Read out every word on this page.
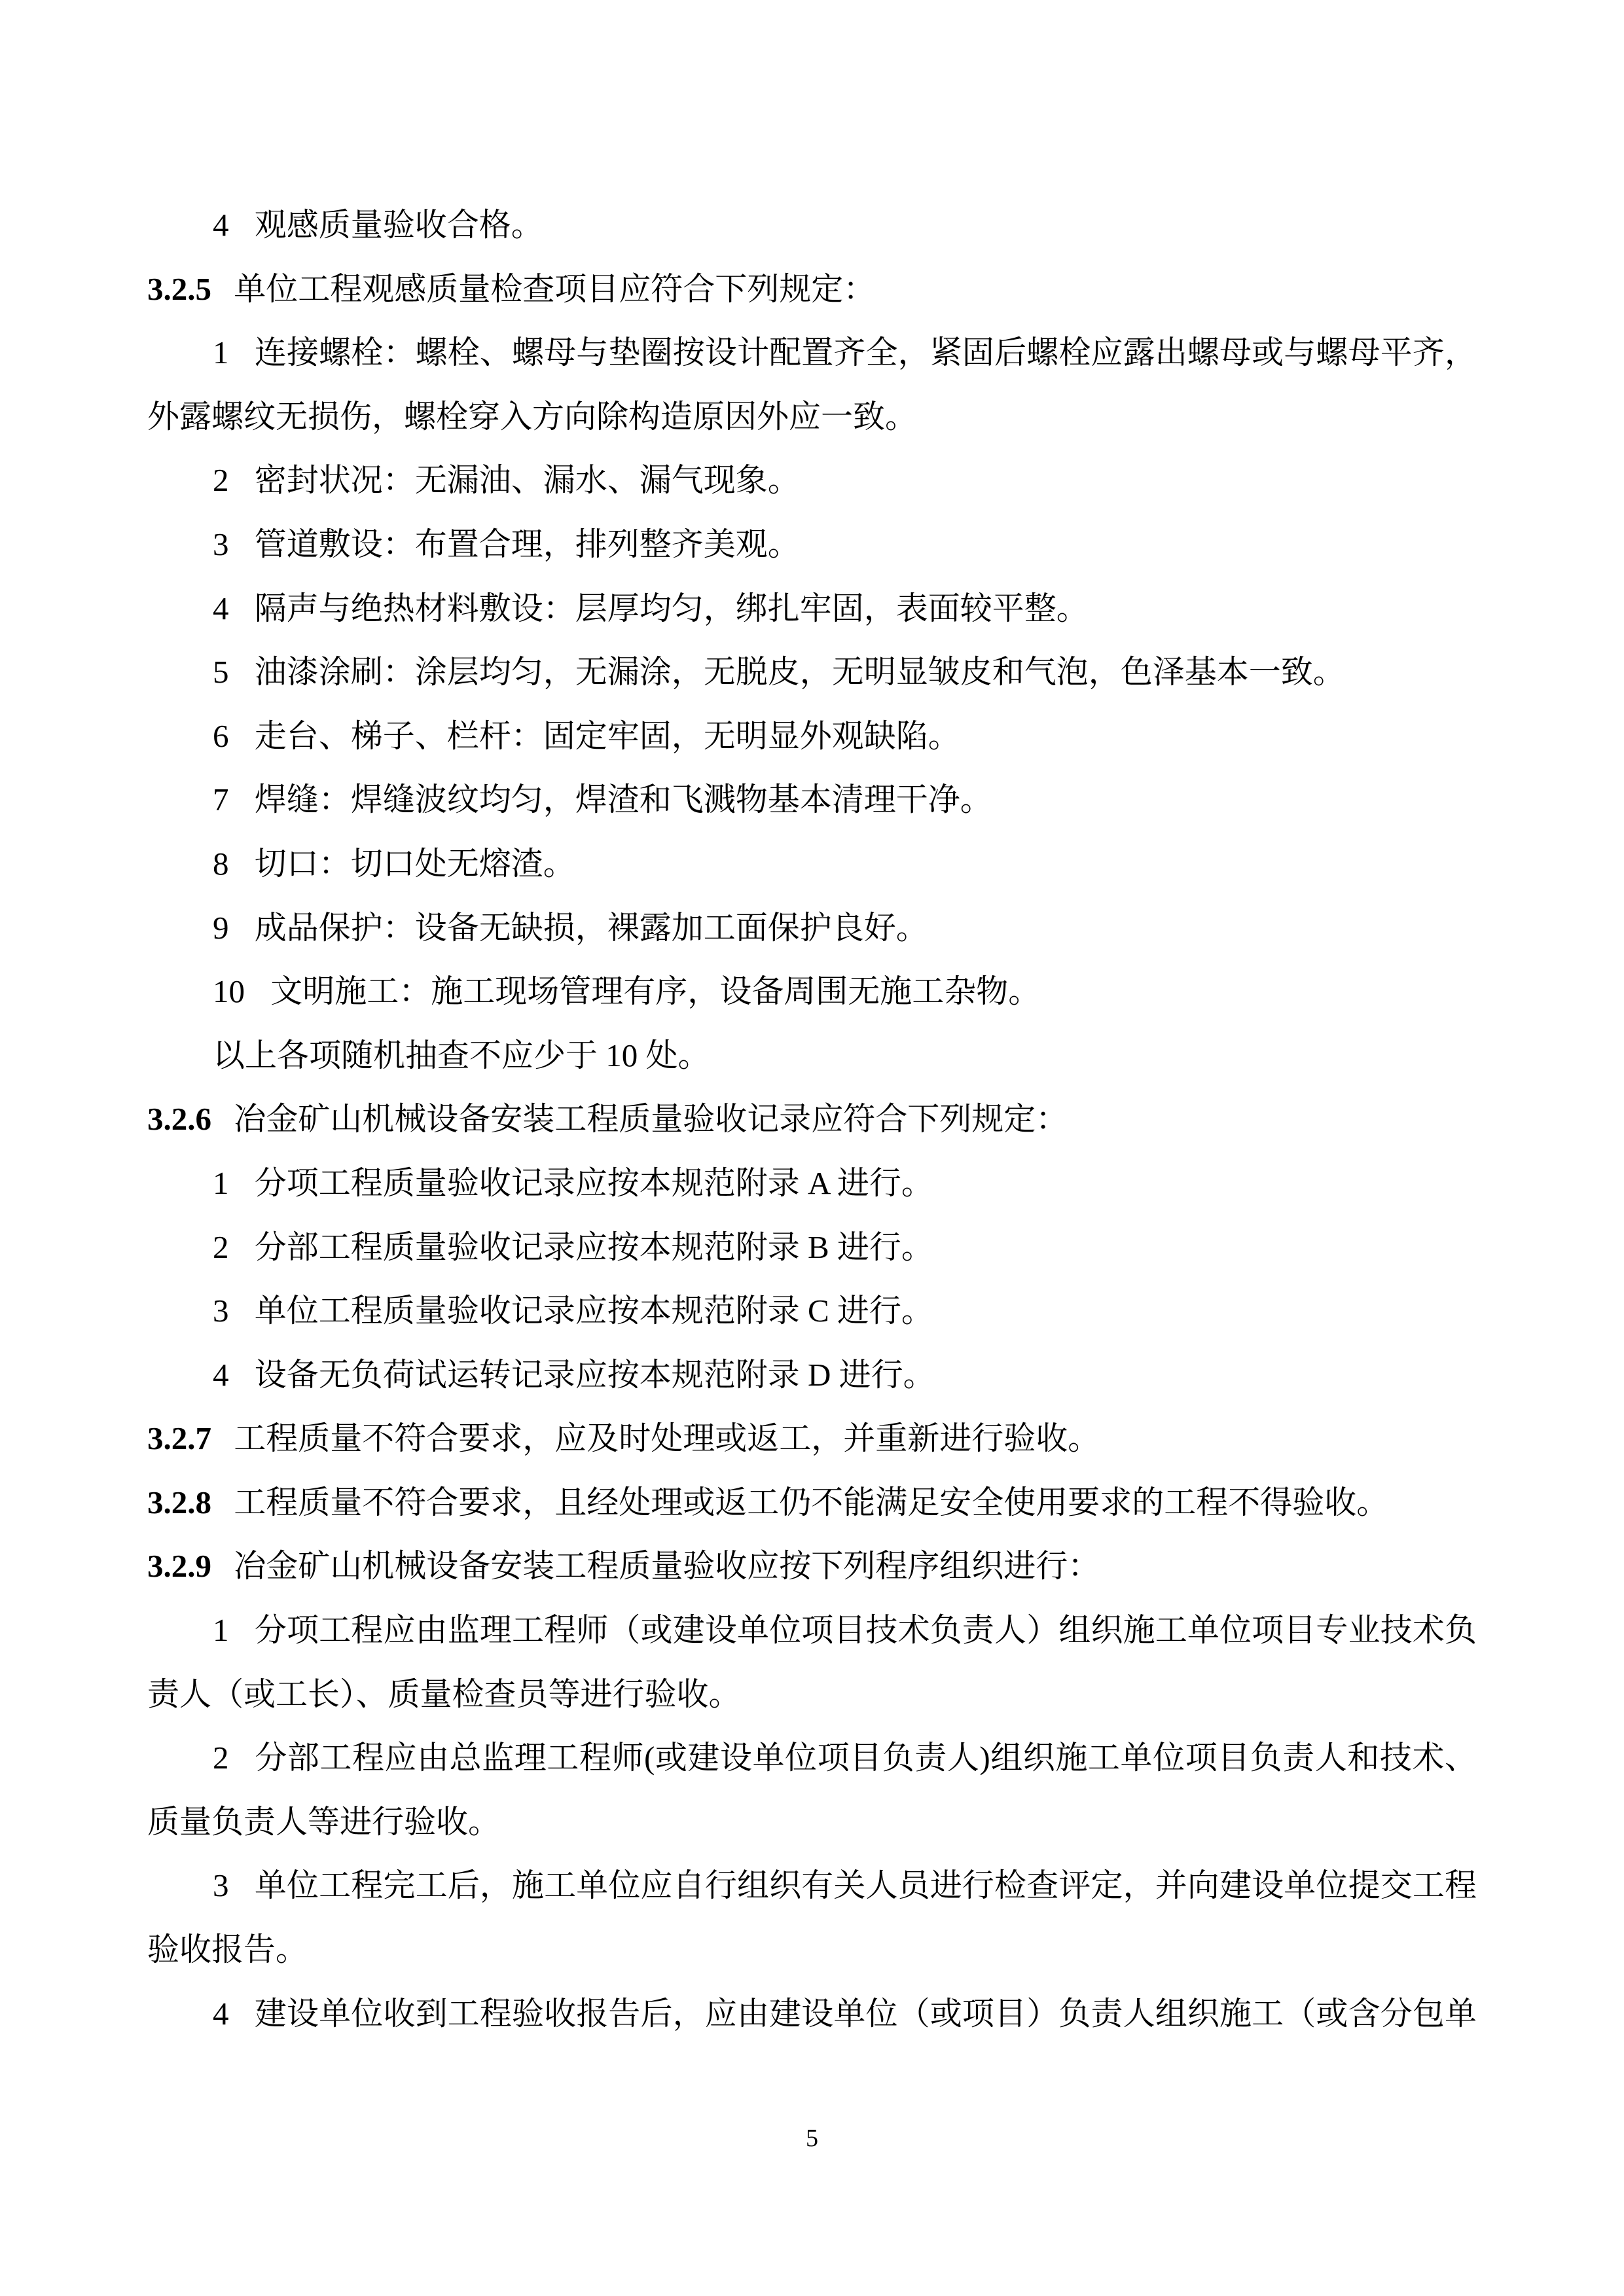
4 观感质量验收合格。
3.2.5 单位工程观感质量检查项目应符合下列规定：
1 连接螺栓：螺栓、螺母与垫圈按设计配置齐全，紧固后螺栓应露出螺母或与螺母平齐，
外露螺纹无损伤，螺栓穿入方向除构造原因外应一致。
2 密封状况：无漏油、漏水、漏气现象。
3 管道敷设：布置合理，排列整齐美观。
4 隔声与绝热材料敷设：层厚均匀，绑扎牢固，表面较平整。
5 油漆涂刷：涂层均匀，无漏涂，无脱皮，无明显皱皮和气泡，色泽基本一致。
6 走台、梯子、栏杆：固定牢固，无明显外观缺陷。
7 焊缝：焊缝波纹均匀，焊渣和飞溅物基本清理干净。
8 切口：切口处无熔渣。
9 成品保护：设备无缺损，裸露加工面保护良好。
10 文明施工：施工现场管理有序，设备周围无施工杂物。
以上各项随机抽查不应少于 10 处。
3.2.6 冶金矿山机械设备安装工程质量验收记录应符合下列规定：
1 分项工程质量验收记录应按本规范附录 A 进行。
2 分部工程质量验收记录应按本规范附录 B 进行。
3 单位工程质量验收记录应按本规范附录 C 进行。
4 设备无负荷试运转记录应按本规范附录 D 进行。
3.2.7 工程质量不符合要求，应及时处理或返工，并重新进行验收。
3.2.8 工程质量不符合要求，且经处理或返工仍不能满足安全使用要求的工程不得验收。
3.2.9 冶金矿山机械设备安装工程质量验收应按下列程序组织进行：
1 分项工程应由监理工程师（或建设单位项目技术负责人）组织施工单位项目专业技术负
责人（或工长）、质量检查员等进行验收。
2 分部工程应由总监理工程师(或建设单位项目负责人)组织施工单位项目负责人和技术、
质量负责人等进行验收。
3 单位工程完工后，施工单位应自行组织有关人员进行检查评定，并向建设单位提交工程
验收报告。
4 建设单位收到工程验收报告后，应由建设单位（或项目）负责人组织施工（或含分包单
5
